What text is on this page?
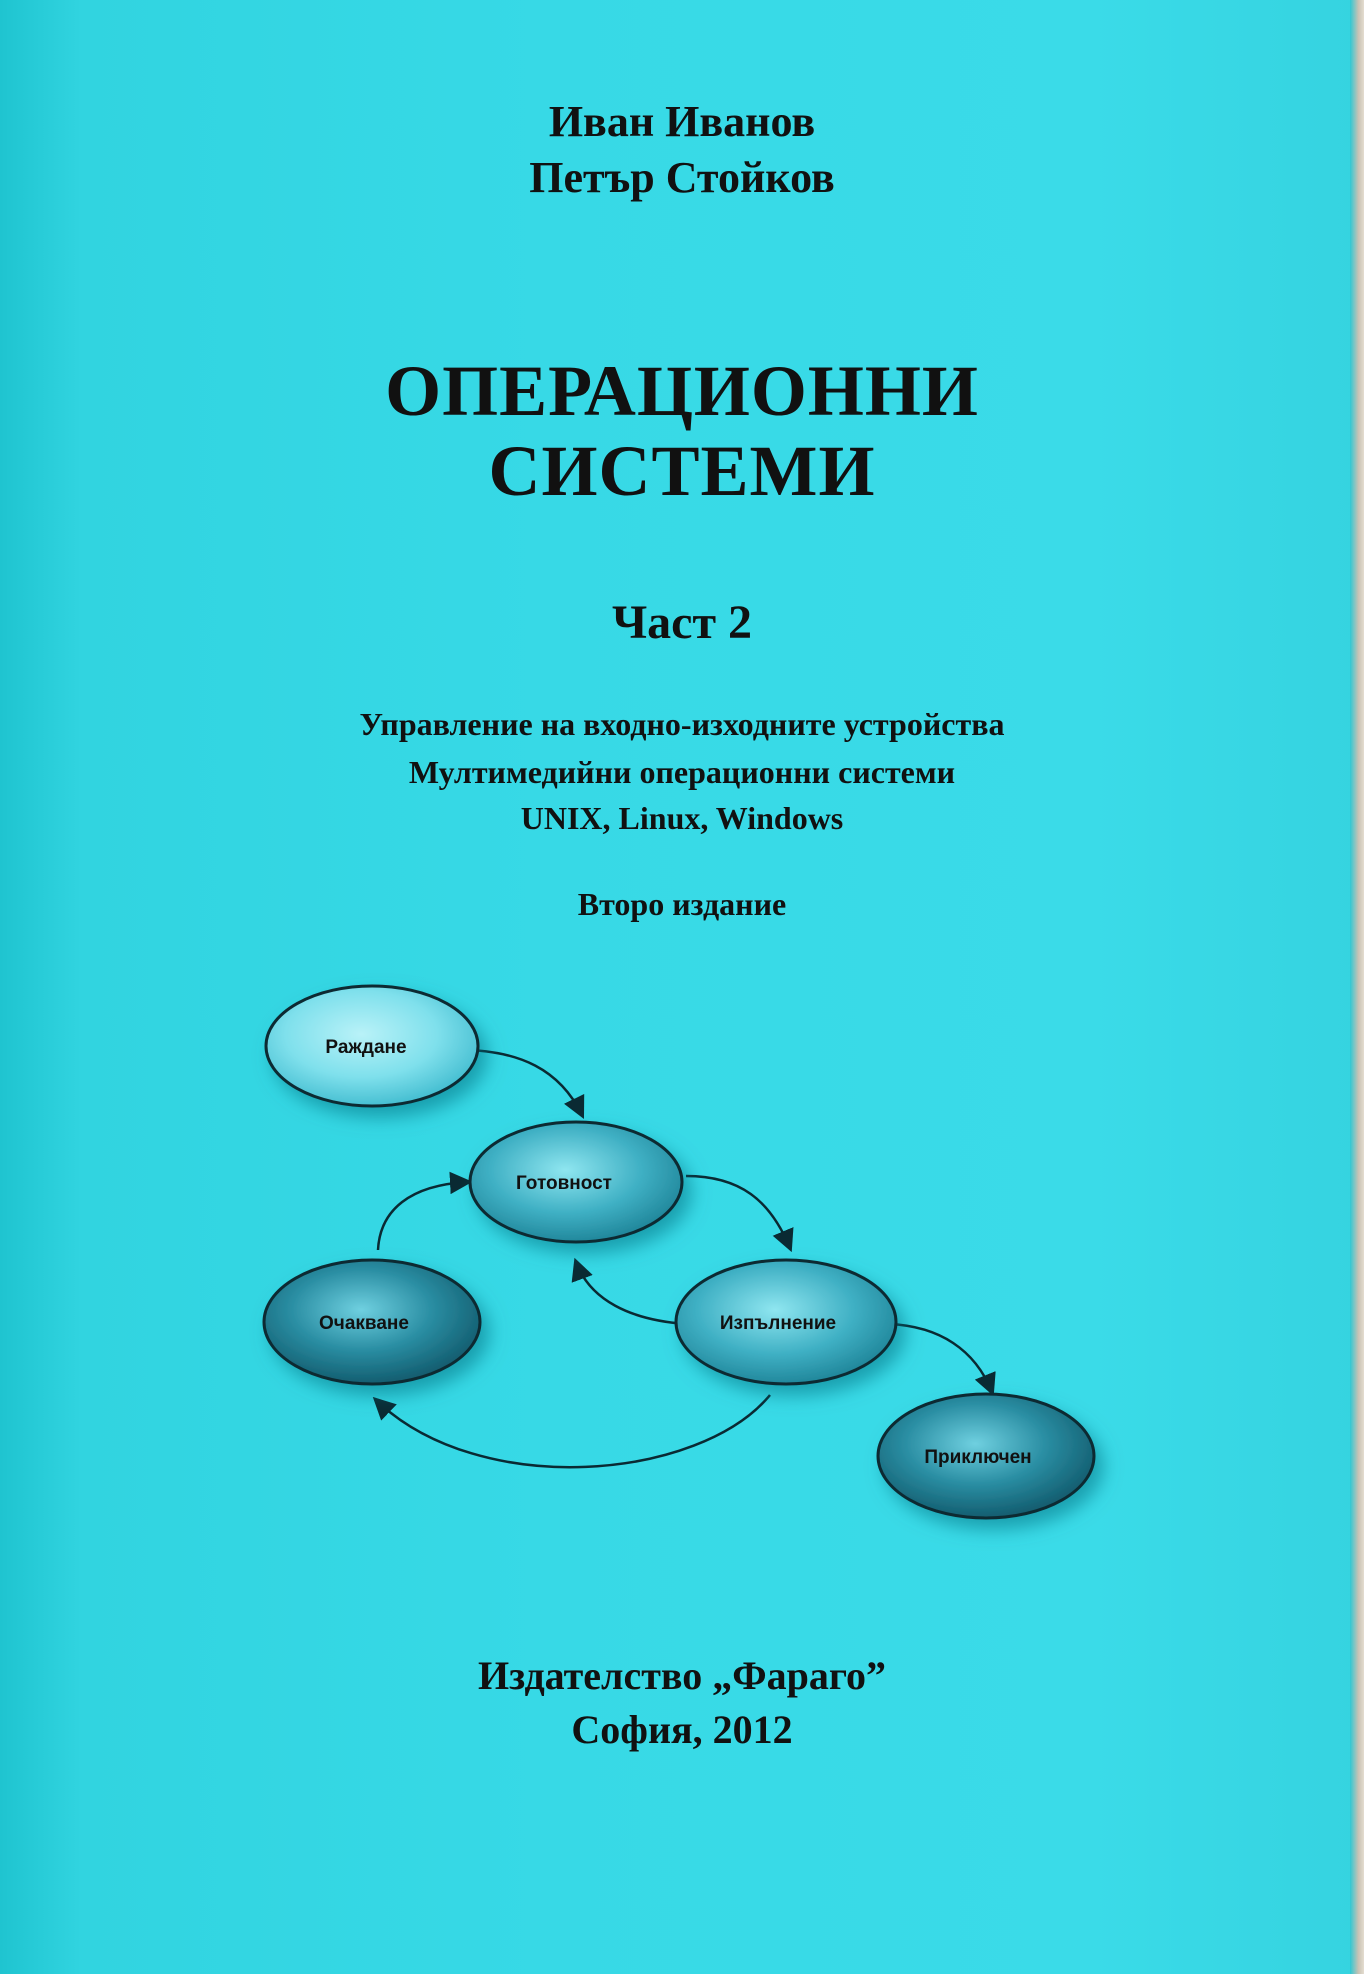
Иван Иванов
Петър Стойков
ОПЕРАЦИОННИ
СИСТЕМИ
Част 2
Управление на входно-изходните устройства
Мултимедийни операционни системи
UNIX, Linux, Windows
Второ издание
Раждане
Готовност
Очакване	Изпълнение
Приключен
Издателство „Фараго”
София, 2012
